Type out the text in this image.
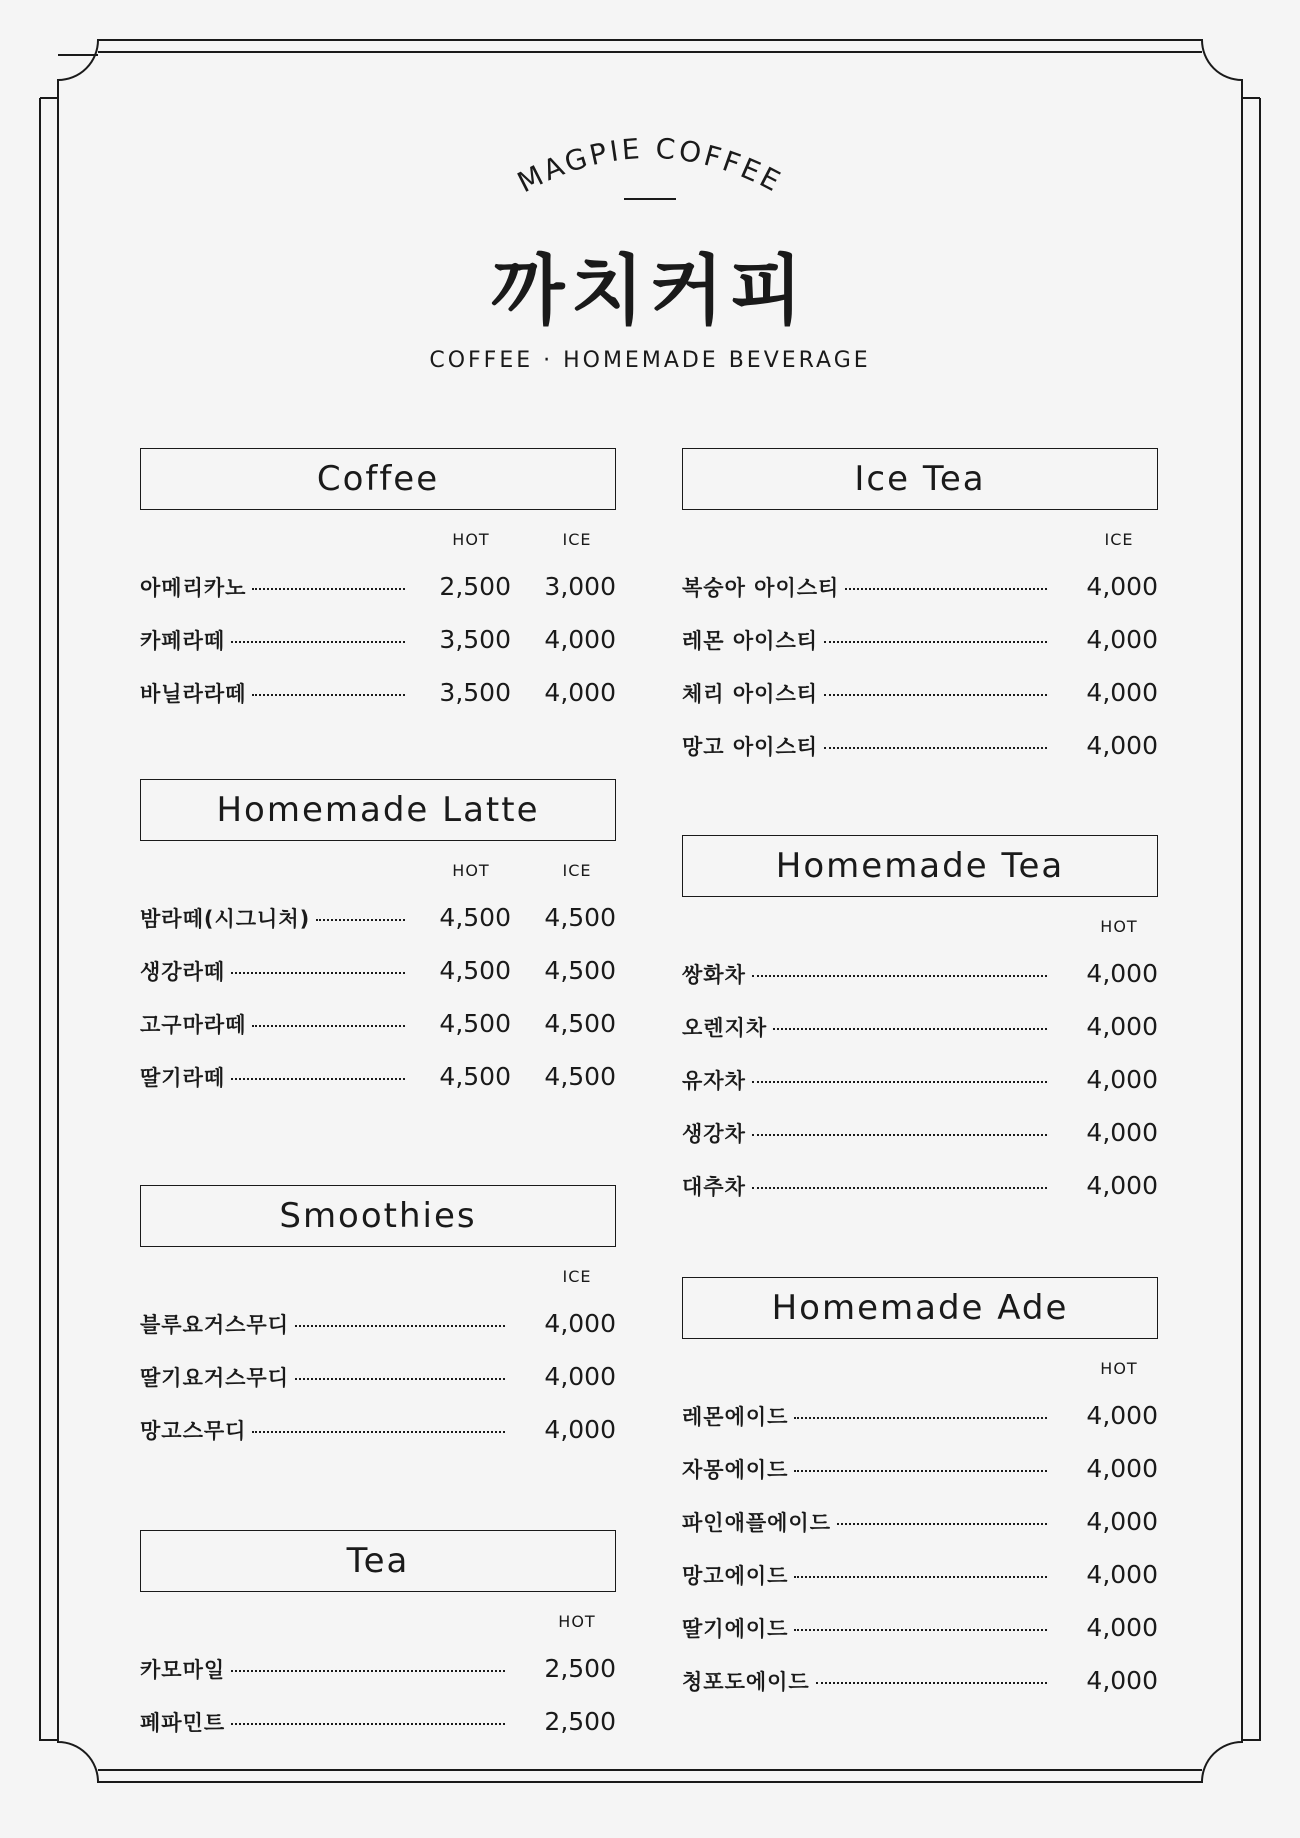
MAGPIE COFFEE
까치커피
COFFEE · HOMEMADE BEVERAGE
Coffee
HOT	ICE
아메리카노	2,500	3,000
카페라떼	3,500	4,000
바닐라라떼	3,500	4,000
Homemade Latte
HOT	ICE
밤라떼(시그니처)	4,500	4,500
생강라떼	4,500	4,500
고구마라떼	4,500	4,500
딸기라떼	4,500	4,500
Smoothies
ICE
블루요거스무디	4,000
딸기요거스무디	4,000
망고스무디	4,000
Tea
HOT
카모마일	2,500
페파민트	2,500
Ice Tea
ICE
복숭아 아이스티	4,000
레몬 아이스티	4,000
체리 아이스티	4,000
망고 아이스티	4,000
Homemade Tea
HOT
쌍화차	4,000
오렌지차	4,000
유자차	4,000
생강차	4,000
대추차	4,000
Homemade Ade
HOT
레몬에이드	4,000
자몽에이드	4,000
파인애플에이드	4,000
망고에이드	4,000
딸기에이드	4,000
청포도에이드	4,000
